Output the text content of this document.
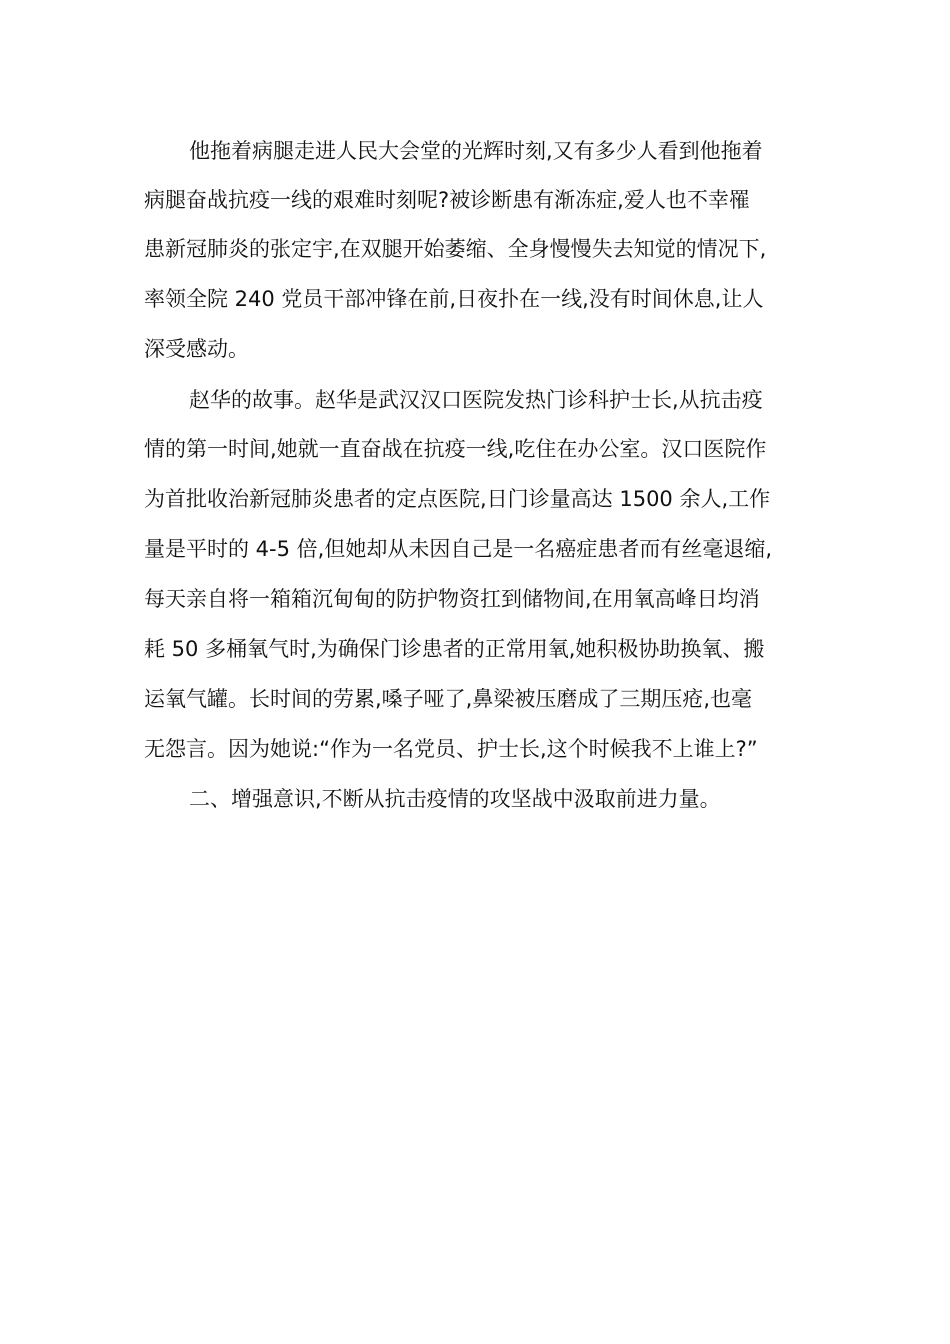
他拖着病腿走进人民大会堂的光辉时刻,又有多少人看到他拖着

病腿奋战抗疫一线的艰难时刻呢?被诊断患有渐冻症,爱人也不幸罹

患新冠肺炎的张定宇,在双腿开始萎缩、全身慢慢失去知觉的情况下,

率领全院 240 党员干部冲锋在前,日夜扑在一线,没有时间休息,让人

深受感动。

赵华的故事。赵华是武汉汉口医院发热门诊科护士长,从抗击疫

情的第一时间,她就一直奋战在抗疫一线,吃住在办公室。汉口医院作

为首批收治新冠肺炎患者的定点医院,日门诊量高达 1500 余人,工作

量是平时的 4-5 倍,但她却从未因自己是一名癌症患者而有丝毫退缩,

每天亲自将一箱箱沉甸甸的防护物资扛到储物间,在用氧高峰日均消

耗 50 多桶氧气时,为确保门诊患者的正常用氧,她积极协助换氧、搬

运氧气罐。长时间的劳累,嗓子哑了,鼻梁被压磨成了三期压疮,也毫

无怨言。因为她说:“作为一名党员、护士长,这个时候我不上谁上?”

二、增强意识,不断从抗击疫情的攻坚战中汲取前进力量。
